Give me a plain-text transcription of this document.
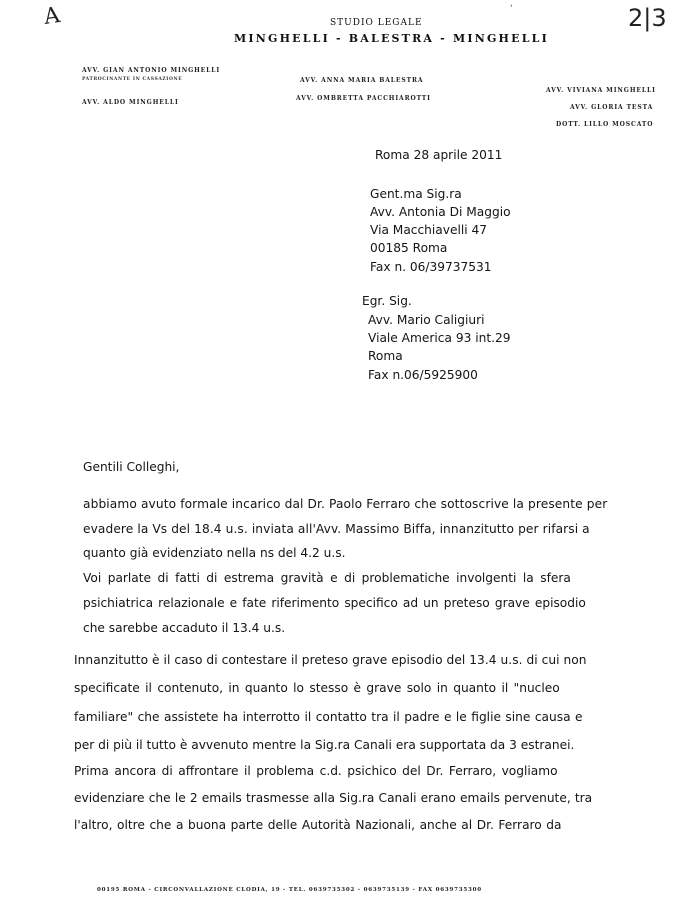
A	'	2|3
STUDIO LEGALE
MINGHELLI - BALESTRA - MINGHELLI
AVV. GIAN ANTONIO MINGHELLI
PATROCINANTE IN CASSAZIONE
AVV. ALDO MINGHELLI
AVV. ANNA MARIA BALESTRA
AVV. OMBRETTA PACCHIAROTTI
AVV. VIVIANA MINGHELLI
AVV. GLORIA TESTA
DOTT. LILLO MOSCATO
Roma 28 aprile 2011
Gent.ma Sig.ra
Avv. Antonia Di Maggio
Via Macchiavelli 47
00185 Roma
Fax n. 06/39737531
Egr. Sig.
Avv. Mario Caligiuri
Viale America 93 int.29
Roma
Fax n.06/5925900
Gentili Colleghi,
abbiamo avuto formale incarico dal Dr. Paolo Ferraro che sottoscrive la presente per
evadere la Vs del 18.4 u.s. inviata all'Avv. Massimo Biffa, innanzitutto per rifarsi a
quanto già evidenziato nella ns del 4.2 u.s.
Voi parlate di fatti di estrema gravità e di problematiche involgenti la sfera
psichiatrica relazionale e fate riferimento specifico ad un preteso grave episodio
che sarebbe accaduto il 13.4 u.s.
Innanzitutto è il caso di contestare il preteso grave episodio del 13.4 u.s. di cui non
specificate il contenuto, in quanto lo stesso è grave solo in quanto il "nucleo
familiare" che assistete ha interrotto il contatto tra il padre e le figlie sine causa e
per di più il tutto è avvenuto mentre la Sig.ra Canali era supportata da 3 estranei.
Prima ancora di affrontare il problema c.d. psichico del Dr. Ferraro, vogliamo
evidenziare che le 2 emails trasmesse alla Sig.ra Canali erano emails pervenute, tra
l'altro, oltre che a buona parte delle Autorità Nazionali, anche al Dr. Ferraro da
00195 ROMA - CIRCONVALLAZIONE CLODIA, 19 - TEL. 0639735302 - 0639735139 - FAX 0639735300
